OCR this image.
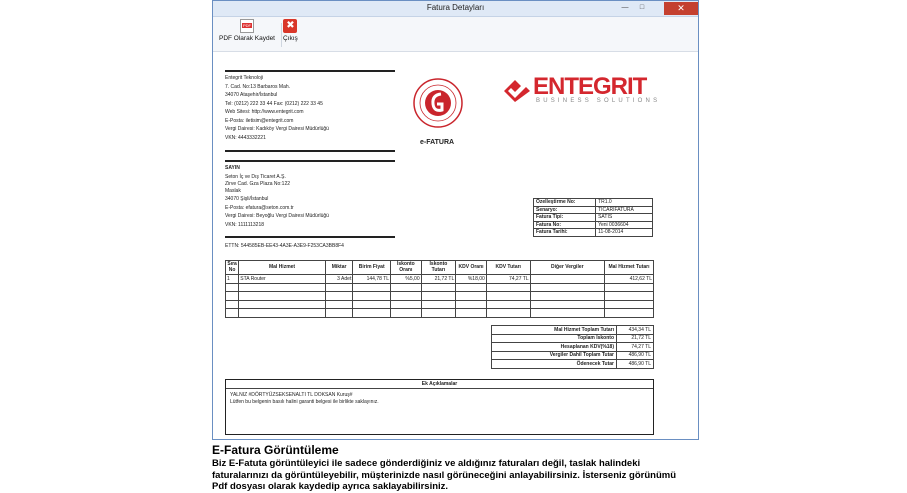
Fatura Detayları	— □	✕
PDF
PDF Olarak Kaydet
✖
Çıkış
Entegrit Teknoloji
7. Cad. No:13 Barbaros Mah.
34070 Ataşehir/İstanbul
Tel: (0212) 222 33 44 Fax: (0212) 222 33 45
Web Sitesi: http://www.entegrit.com
E-Posta: iletisim@entegrit.com
Vergi Dairesi: Kadıköy Vergi Dairesi Müdürlüğü
VKN: 4443332221
e-FATURA
ENTEGRIT
BUSINESS SOLUTIONS
SAYIN
Seton İç ve Dış Ticaret A.Ş.
Zirve Cad. Gza Plaza No:122
Maslak
34070 Şişli/İstanbul
E-Posta: efatura@seton.com.tr
Vergi Dairesi: Beyoğlu Vergi Dairesi Müdürlüğü
VKN: 1111113218
ETTN: 544585EB-EE43-4A3E-A3E9-F253CA3BB8F4
Özelleştirme No:	TR1.0
Senaryo:	TICARIFATURA
Fatura Tipi:	SATIS
Fatura No:	Yeni 0036604
Fatura Tarihi:	11-08-2014
Sıra No	Mal Hizmet	Miktar	Birim Fiyat	İskonto Oranı	İskonto Tutarı	KDV Oranı	KDV Tutarı	Diğer Vergiler	Mal Hizmet Tutarı
1	STA Router	3 Adet	144,78 TL	%5,00	21,72 TL	%18,00	74,27 TL		412,62 TL

Mal Hizmet Toplam Tutarı	434,34 TL
Toplam İskonto	21,72 TL
Hesaplanan KDV(%18)	74,27 TL
Vergiler Dahil Toplam Tutar	486,90 TL
Ödenecek Tutar	486,90 TL
Ek Açıklamalar
YALNIZ #DÖRTYÜZSEKSENALTI TL DOKSAN Kuruş#
Lütfen bu belgenin basılı halini garanti belgesi ile birlikte saklayınız.
E-Fatura Görüntüleme
Biz E-Fatuta görüntüleyici ile sadece gönderdiğiniz ve aldığınız faturaları değil, taslak halindeki
faturalarınızı da görüntüleyebilir, müşterinizde nasıl görüneceğini anlayabilirsiniz. İsterseniz görünümü
Pdf dosyası olarak kaydedip ayrıca saklayabilirsiniz.
